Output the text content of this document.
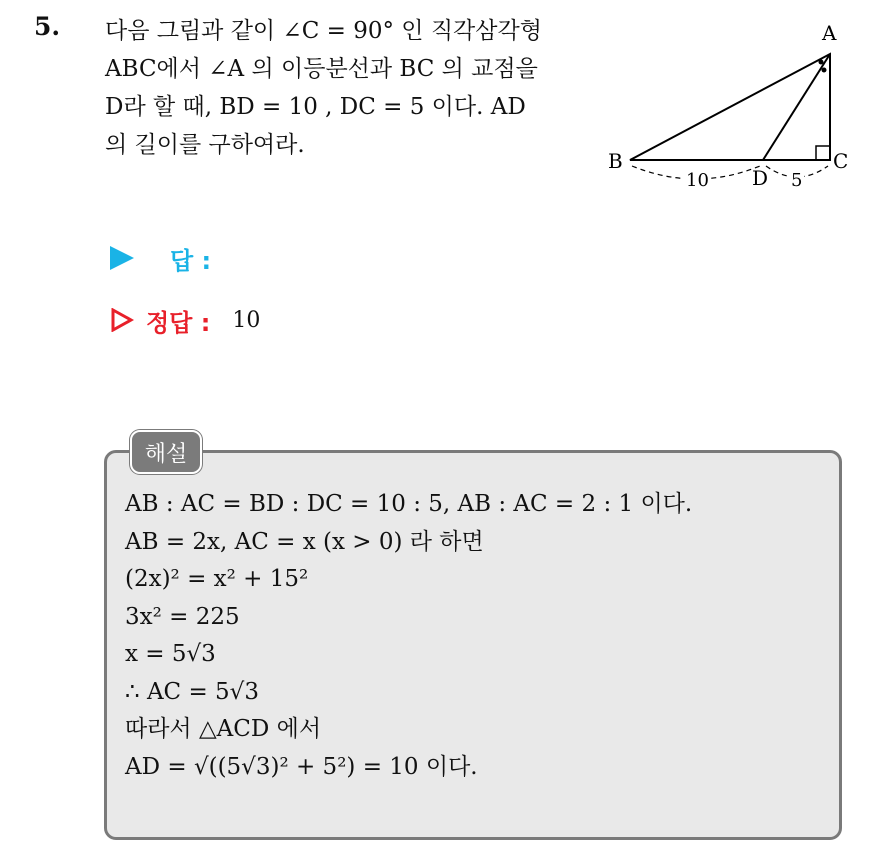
5. 다음 그림과 같이 ∠C = 90° 인 직각삼각형
ABC에서 ∠A 의 이등분선과 BC 의 교점을
D라 할 때, BD = 10 , DC = 5 이다. AD
의 길이를 구하여라.
A
B	C
D
10	5
답 :
정답 : 10
해설
AB : AC = BD : DC = 10 : 5, AB : AC = 2 : 1 이다.
AB = 2x, AC = x (x > 0) 라 하면
(2x)² = x² + 15²
3x² = 225
x = 5√3
∴ AC = 5√3
따라서 △ACD 에서
AD = √((5√3)² + 5²) = 10 이다.
